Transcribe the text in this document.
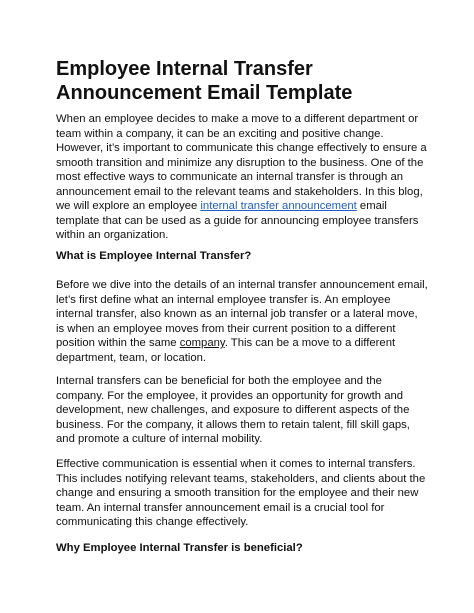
Employee Internal Transfer Announcement Email Template

When an employee decides to make a move to a different department or team within a company, it can be an exciting and positive change. However, it’s important to communicate this change effectively to ensure a smooth transition and minimize any disruption to the business. One of the most effective ways to communicate an internal transfer is through an announcement email to the relevant teams and stakeholders. In this blog, we will explore an employee internal transfer announcement email template that can be used as a guide for announcing employee transfers within an organization.

What is Employee Internal Transfer?

Before we dive into the details of an internal transfer announcement email, let’s first define what an internal employee transfer is. An employee internal transfer, also known as an internal job transfer or a lateral move, is when an employee moves from their current position to a different position within the same company. This can be a move to a different department, team, or location.

Internal transfers can be beneficial for both the employee and the company. For the employee, it provides an opportunity for growth and development, new challenges, and exposure to different aspects of the business. For the company, it allows them to retain talent, fill skill gaps, and promote a culture of internal mobility.

Effective communication is essential when it comes to internal transfers. This includes notifying relevant teams, stakeholders, and clients about the change and ensuring a smooth transition for the employee and their new team. An internal transfer announcement email is a crucial tool for communicating this change effectively.

Why Employee Internal Transfer is beneficial?
